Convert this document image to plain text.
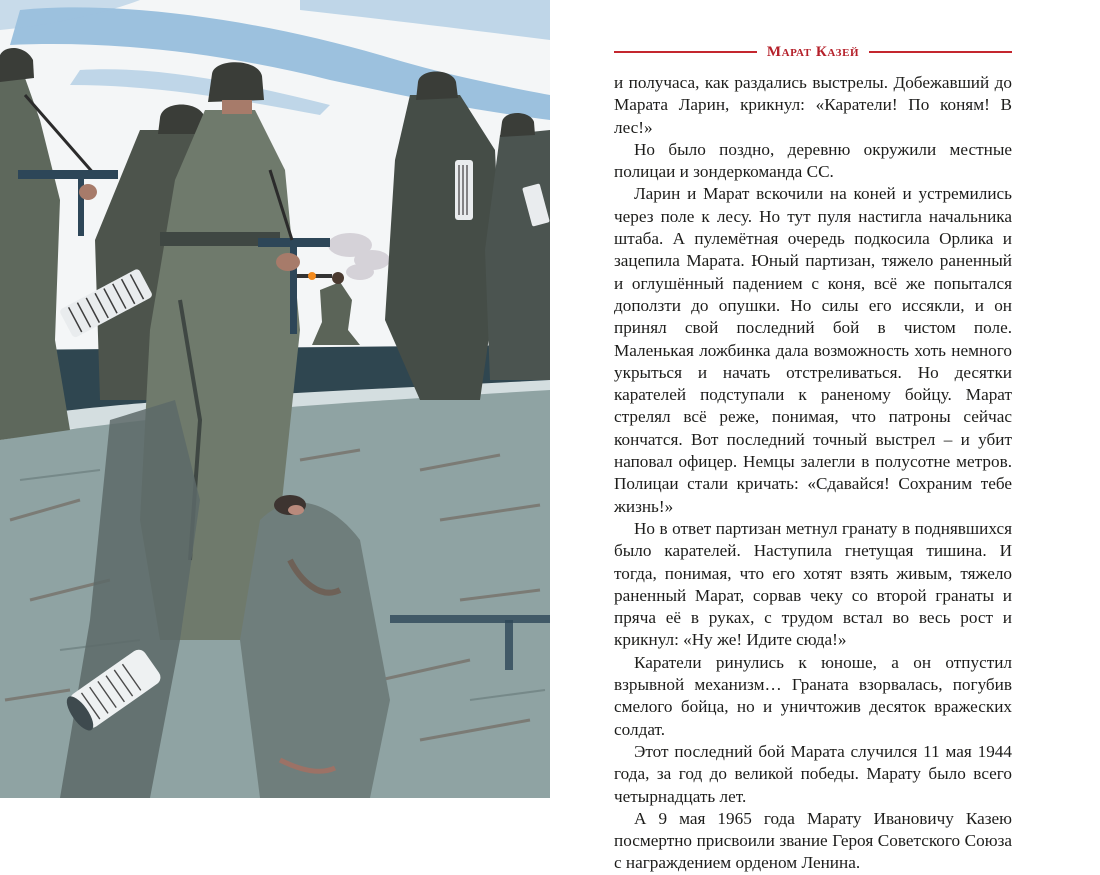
Марат Казей

и получаса, как раздались выстрелы. Добежавший до Марата Ларин, крикнул: «Каратели! По коням! В лес!»

Но было поздно, деревню окружили местные полицаи и зондеркоманда СС.

Ларин и Марат вскочили на коней и устремились через поле к лесу. Но тут пуля настигла начальника штаба. А пулемётная очередь подкосила Орлика и зацепила Марата. Юный партизан, тяжело раненный и оглушённый падением с коня, всё же попытался доползти до опушки. Но силы его иссякли, и он принял свой последний бой в чистом поле. Маленькая ложбинка дала возможность хоть немного укрыться и начать отстреливаться. Но десятки карателей подступали к раненому бойцу. Марат стрелял всё реже, понимая, что патроны сейчас кончатся. Вот последний точный выстрел – и убит наповал офицер. Немцы залегли в полусотне метров. Полицаи стали кричать: «Сдавайся! Сохраним тебе жизнь!»

Но в ответ партизан метнул гранату в поднявшихся было карателей. Наступила гнетущая тишина. И тогда, понимая, что его хотят взять живым, тяжело раненный Марат, сорвав чеку со второй гранаты и пряча её в руках, с трудом встал во весь рост и крикнул: «Ну же! Идите сюда!»

Каратели ринулись к юноше, а он отпустил взрывной механизм… Граната взорвалась, погубив смелого бойца, но и уничтожив десяток вражеских солдат.

Этот последний бой Марата случился 11 мая 1944 года, за год до великой победы. Марату было всего четырнадцать лет.

А 9 мая 1965 года Марату Ивановичу Казею посмертно присвоили звание Героя Советского Союза с награждением орденом Ленина.
